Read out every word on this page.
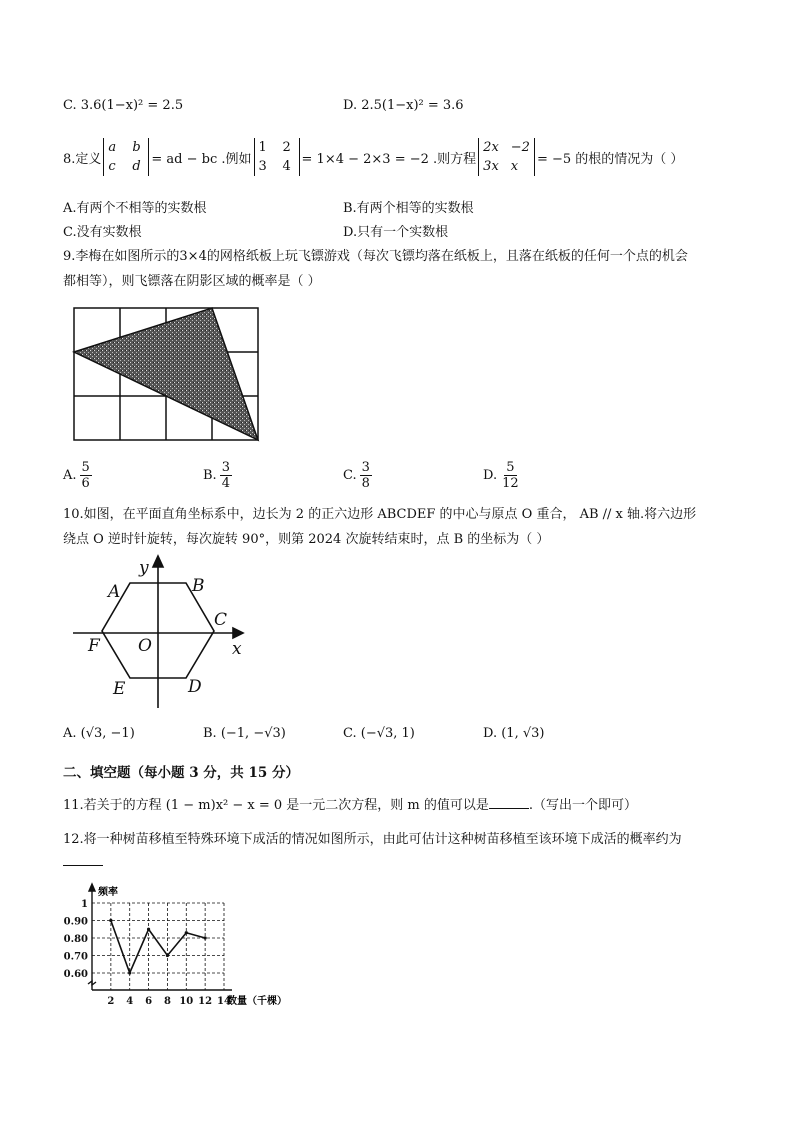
C. 3.6(1−x)² = 2.5	D. 2.5(1−x)² = 3.6
8.定义
a	b
c	d = ad − bc .例如
1 2
3 4 = 1×4 − 2×3 = −2 .则方程
2x −2
3x x	= −5 的根的情况为（ ）
A.有两个不相等的实数根	B.有两个相等的实数根
C.没有实数根	D.只有一个实数根
9.李梅在如图所示的3×4的网格纸板上玩飞镖游戏（每次飞镖均落在纸板上，且落在纸板的任何一个点的机会
都相等），则飞镖落在阴影区域的概率是（ ）
A. $\frac{5}{6}$	B. $\frac{3}{4}$	C. $\frac{3}{8}$	D. $\frac{5}{12}$
10.如图，在平面直角坐标系中，边长为 2 的正六边形 ABCDEF 的中心与原点 O 重合， AB // x 轴.将六边形
绕点 O 逆时针旋转，每次旋转 90°，则第 2024 次旋转结束时，点 B 的坐标为（ ）
A	B
C
D
E
F O	x
y
A. (√3, −1)	B. (−1, −√3)	C. (−√3, 1)	D. (1, √3)
二、填空题（每小题 3 分，共 15 分）
11.若关于的方程 (1 − m)x² − x = 0 是一元二次方程，则 m 的值可以是	.（写出一个即可）
12.将一种树苗移植至特殊环境下成活的情况如图所示，由此可估计这种树苗移植至该环境下成活的概率约为
1
0.90
0.80
0.70
0.60
2 4 6 8 10 12 14
频率
数量（千棵）
